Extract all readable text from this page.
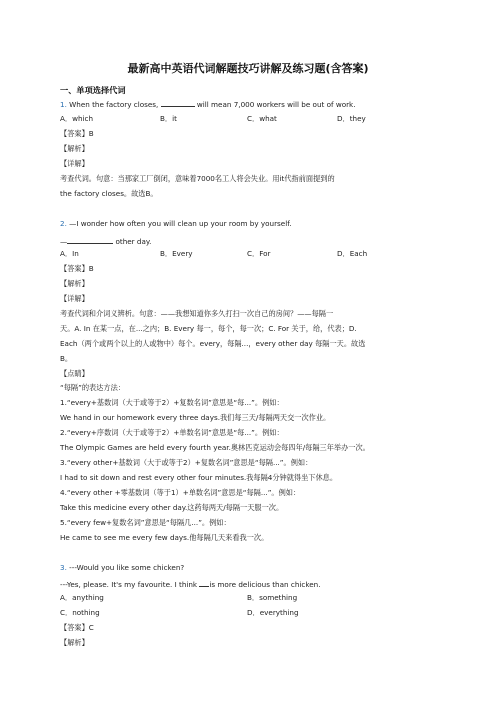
最新高中英语代词解题技巧讲解及练习题(含答案)
一、单项选择代词
1. When the factory closes,	will mean 7,000 workers will be out of work.
A．which	B．it	C．what	D．they
【答案】B
【解析】
【详解】
考查代词。句意：当那家工厂倒闭，意味着7000名工人将会失业。用it代指前面提到的
the factory closes。故选B。
2. —I wonder how often you will clean up your room by yourself.
—	other day.
A．In	B．Every	C．For	D．Each
【答案】B
【解析】
【详解】
考查代词和介词义辨析。句意：——我想知道你多久打扫一次自己的房间？——每隔一
天。A. In 在某一点，在...之内；B. Every 每一，每个，每一次；C. For 关于，给，代表；D.
Each（两个或两个以上的人或物中）每个。every，每隔...，every other day 每隔一天。故选
B。
【点睛】
“每隔”的表达方法：
1.“every+基数词（大于或等于2）+复数名词”意思是“每...”。例如：
We hand in our homework every three days.我们每三天/每隔两天交一次作业。
2.“every+序数词（大于或等于2）+单数名词”意思是“每...”。例如：
The Olympic Games are held every fourth year.奥林匹克运动会每四年/每隔三年举办一次。
3.“every other+基数词（大于或等于2）+复数名词”意思是“每隔...”。例如：
I had to sit down and rest every other four minutes.我每隔4分钟就得坐下休息。
4.“every other +零基数词（等于1）+单数名词”意思是“每隔...”。例如：
Take this medicine every other day.这药每两天/每隔一天服一次。
5.“every few+复数名词”意思是“每隔几...”。例如：
He came to see me every few days.他每隔几天来看我一次。
3. ---Would you like some chicken?
---Yes, please. It's my favourite. I think is more delicious than chicken.
A．anything	B．something
C．nothing	D．everything
【答案】C
【解析】
